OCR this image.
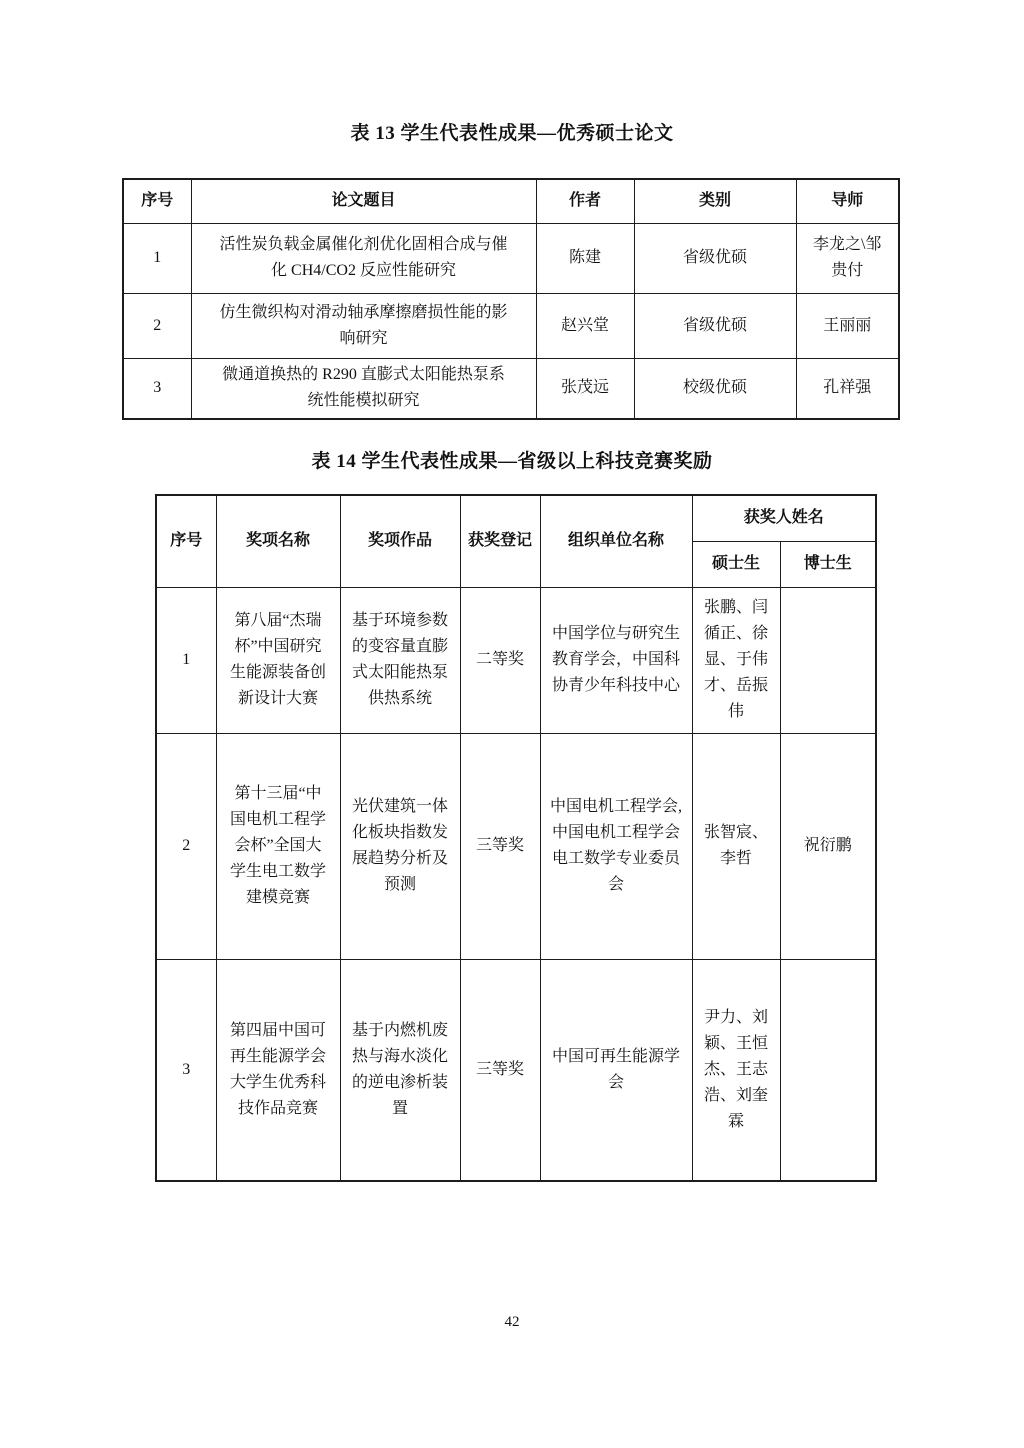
表 13 学生代表性成果—优秀硕士论文
序号	论文题目	作者	类别	导师
1	活性炭负载金属催化剂优化固相合成与催化 CH4/CO2 反应性能研究	陈建	省级优硕	李龙之\邹贵付
2	仿生微织构对滑动轴承摩擦磨损性能的影响研究	赵兴堂	省级优硕	王丽丽
3	微通道换热的 R290 直膨式太阳能热泵系统性能模拟研究	张茂远	校级优硕	孔祥强
表 14 学生代表性成果—省级以上科技竞赛奖励
序号	奖项名称	奖项作品	获奖登记	组织单位名称	获奖人姓名	
					硕士生	博士生
1	第八届“杰瑞杯”中国研究生能源装备创新设计大赛	基于环境参数的变容量直膨式太阳能热泵供热系统	二等奖	中国学位与研究生教育学会，中国科协青少年科技中心	张鹏、闫循正、徐显、于伟才、岳振伟	
2	第十三届“中国电机工程学会杯”全国大学生电工数学建模竞赛	光伏建筑一体化板块指数发展趋势分析及预测	三等奖	中国电机工程学会,中国电机工程学会电工数学专业委员会	张智宸、李哲	祝衍鹏
3	第四届中国可再生能源学会大学生优秀科技作品竞赛	基于内燃机废热与海水淡化的逆电渗析装置	三等奖	中国可再生能源学会	尹力、刘颖、王恒杰、王志浩、刘奎霖	
42
